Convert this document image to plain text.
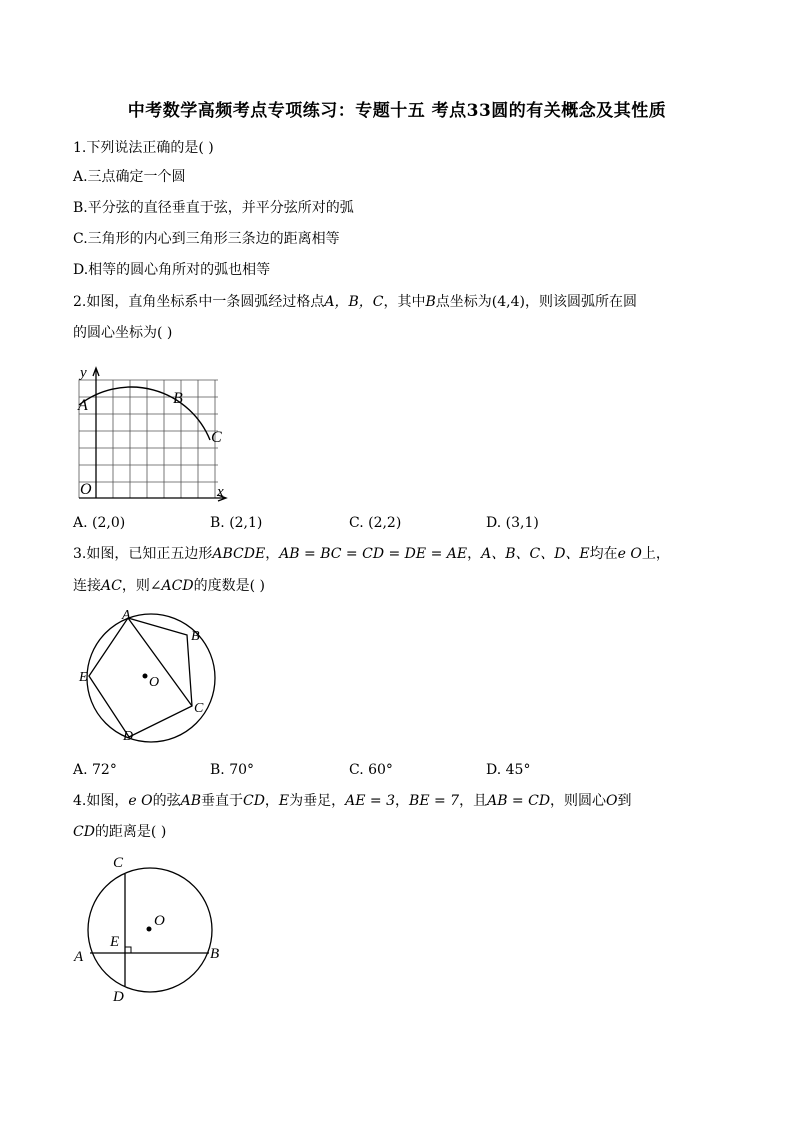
中考数学高频考点专项练习：专题十五 考点33圆的有关概念及其性质
1.下列说法正确的是( )
A.三点确定一个圆
B.平分弦的直径垂直于弦，并平分弦所对的弧
C.三角形的内心到三角形三条边的距离相等
D.相等的圆心角所对的弧也相等
2.如图，直角坐标系中一条圆弧经过格点A，B，C，其中B点坐标为(4,4)，则该圆弧所在圆
的圆心坐标为( )
y
x
O
A	B
C
A. (2,0)	B. (2,1)	C. (2,2)	D. (3,1)
3.如图，已知正五边形ABCDE，AB = BC = CD = DE = AE，A、B、C、D、E均在e O上，
连接AC，则∠ACD的度数是( )
A
B
C
D
E	O
A. 72°	B. 70°	C. 60°	D. 45°
4.如图，e O的弦AB垂直于CD，E为垂足，AE = 3，BE = 7，且AB = CD，则圆心O到
CD的距离是( )
C
D
A	B
E
O
